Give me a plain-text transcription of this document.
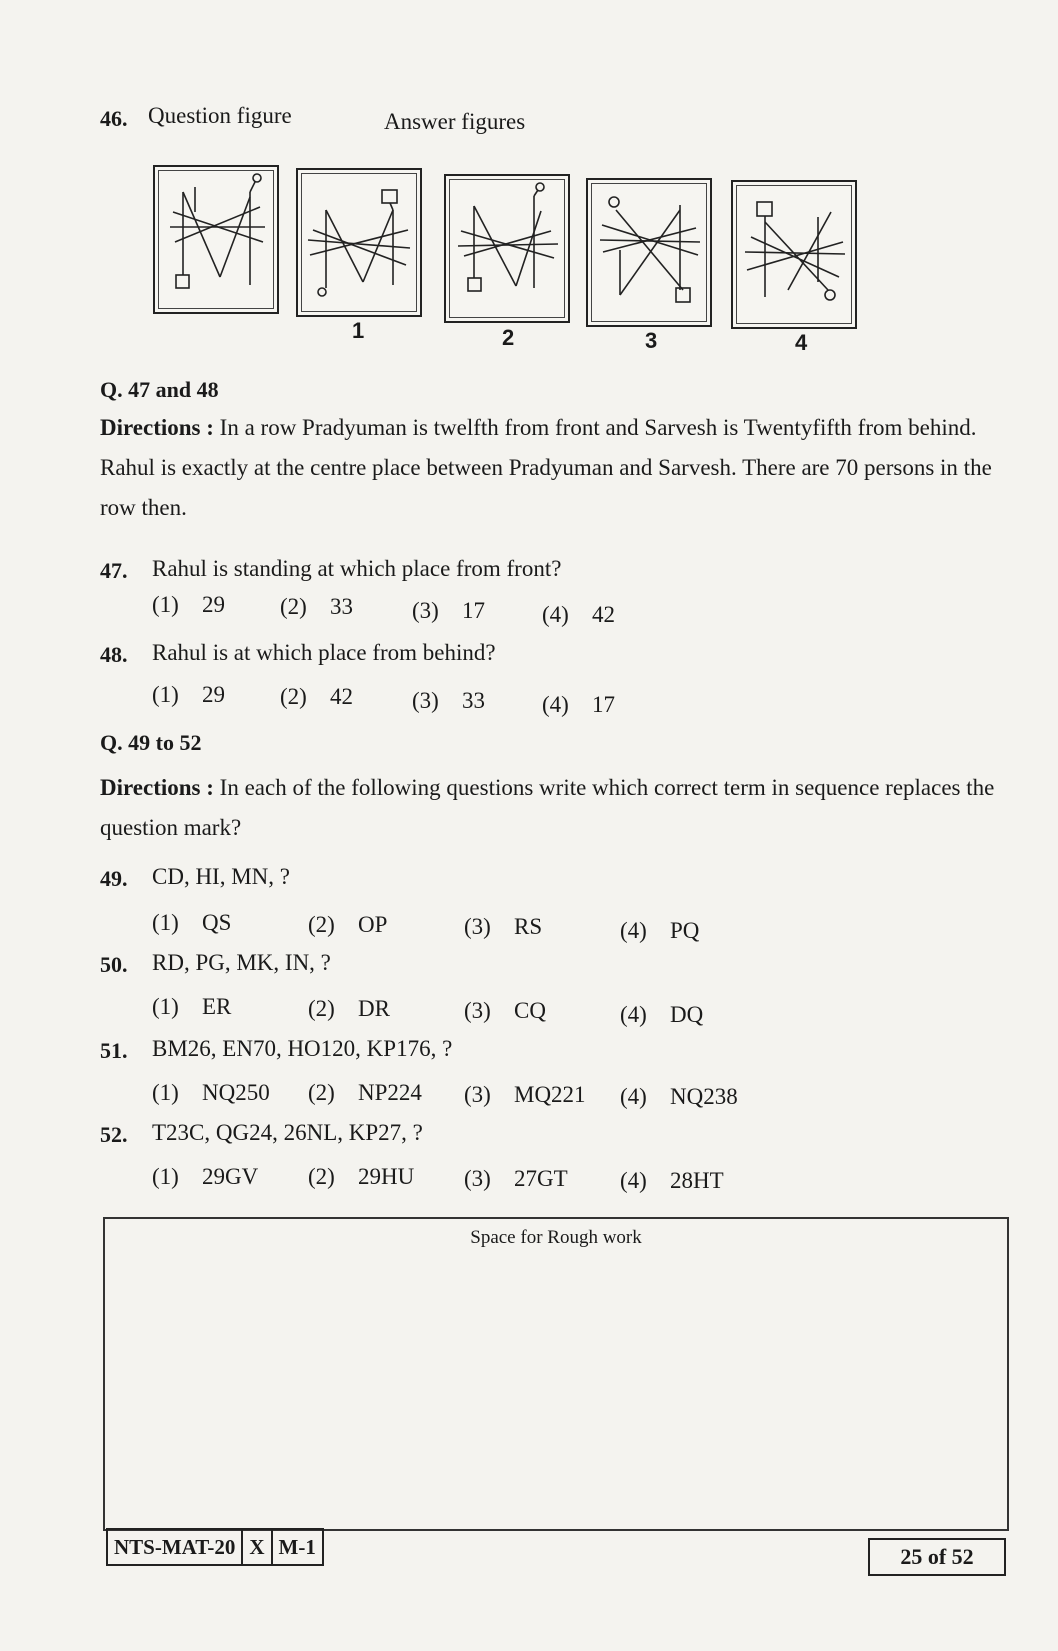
46. Question figure	Answer figures
1	2	3	4
Q. 47 and 48
Directions : In a row Pradyuman is twelfth from front and Sarvesh is Twentyfifth from behind. Rahul is exactly at the centre place between Pradyuman and Sarvesh. There are 70 persons in the row then.
47. Rahul is standing at which place from front?
(1) 29 (2) 33	(3) 17 (4) 42
48. Rahul is at which place from behind?
(1) 29 (2) 42	(3) 33 (4) 17
Q. 49 to 52
Directions : In each of the following questions write which correct term in sequence replaces the question mark?
49. CD, HI, MN, ?
(1) QS	(2) OP	(3) RS	(4) PQ
50. RD, PG, MK, IN, ?
(1) ER	(2) DR	(3) CQ	(4) DQ
51. BM26, EN70, HO120, KP176, ?
(1) NQ250 (2) NP224 (3) MQ221 (4) NQ238
52. T23C, QG24, 26NL, KP27, ?
(1) 29GV (2) 29HU (3) 27GT (4) 28HT
Space for Rough work
NTS-MAT-20 X M-1	25 of 52
